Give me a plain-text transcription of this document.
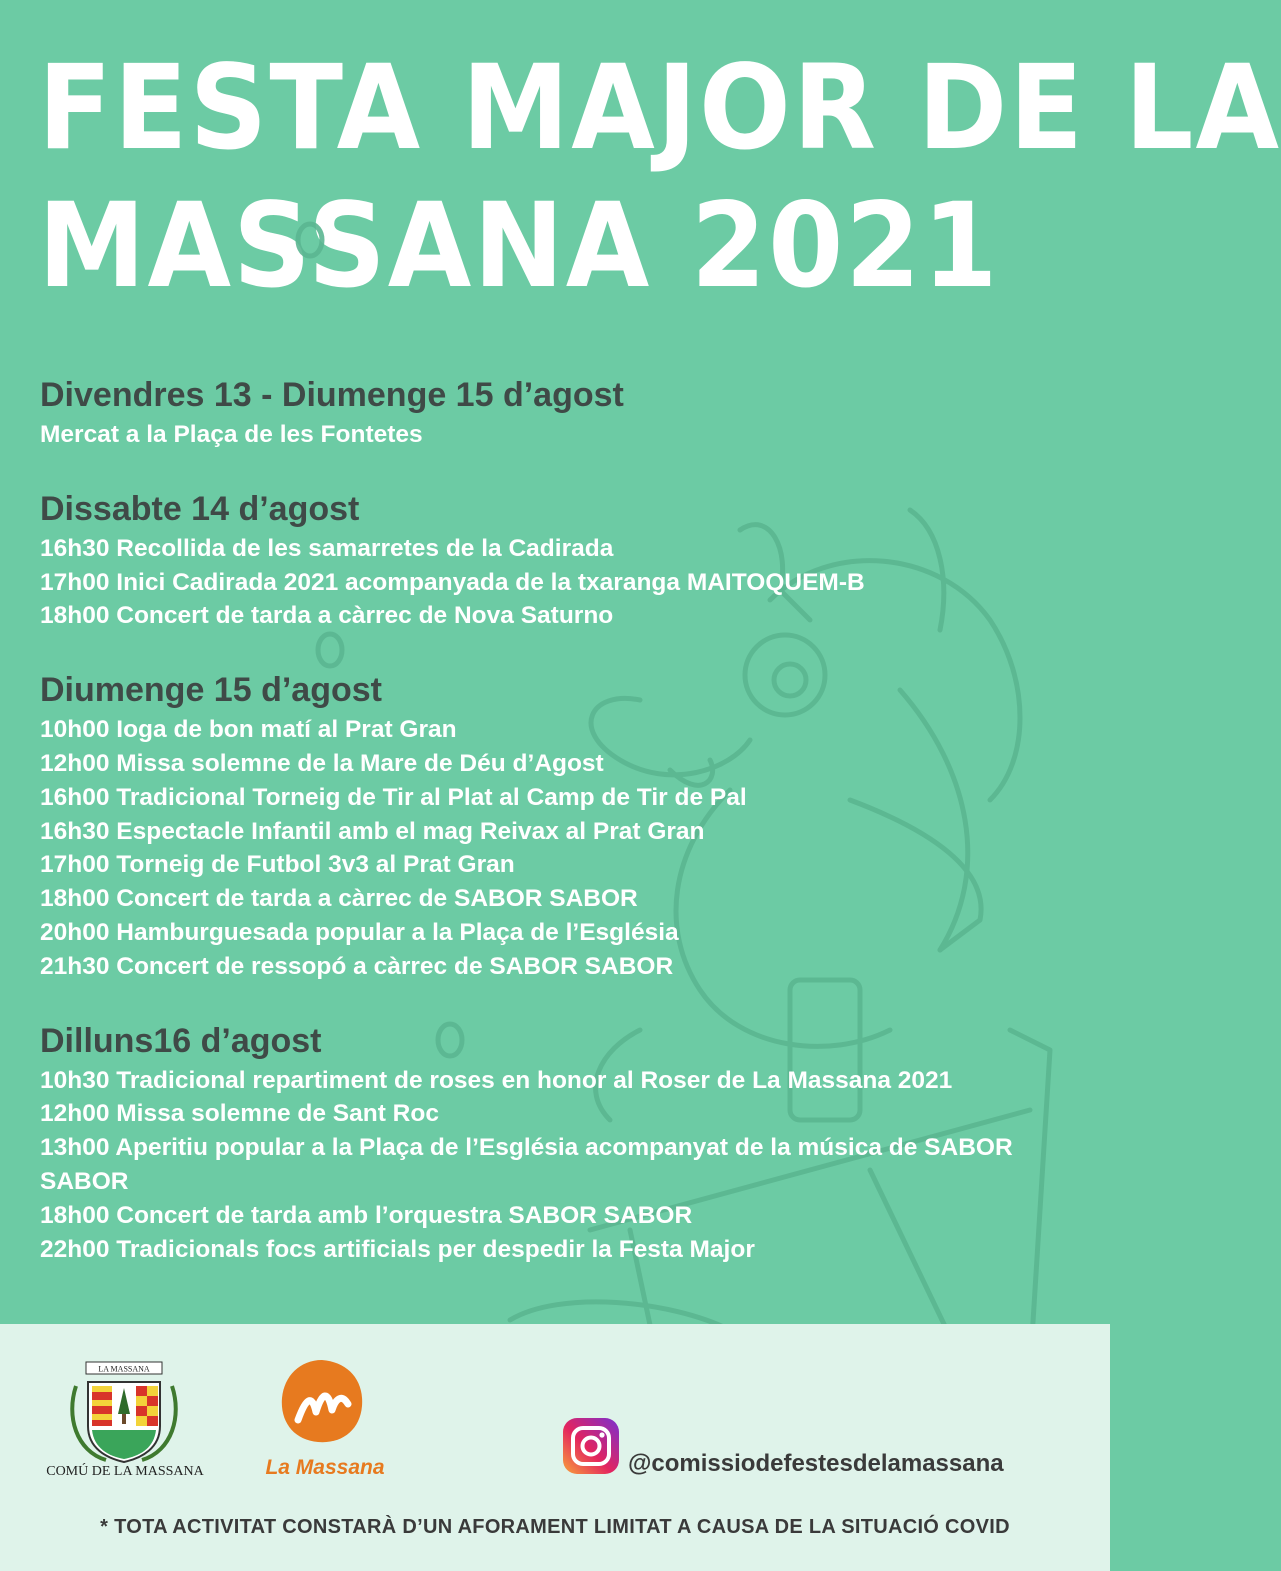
FESTA MAJOR DE LA
MASSANA 2021
Divendres 13 - Diumenge 15 d’agost

Mercat a la Plaça de les Fontetes

Dissabte 14 d’agost

16h30 Recollida de les samarretes de la Cadirada

17h00 Inici Cadirada 2021 acompanyada de la txaranga MAITOQUEM-B

18h00 Concert de tarda a càrrec de Nova Saturno

Diumenge 15 d’agost

10h00 Ioga de bon matí al Prat Gran

12h00 Missa solemne de la Mare de Déu d’Agost

16h00 Tradicional Torneig de Tir al Plat al Camp de Tir de Pal

16h30 Espectacle Infantil amb el mag Reivax al Prat Gran

17h00 Torneig de Futbol 3v3 al Prat Gran

18h00 Concert de tarda a càrrec de SABOR SABOR

20h00 Hamburguesada popular a la Plaça de l’Església

21h30 Concert de ressopó a càrrec de SABOR SABOR

Dilluns16 d’agost

10h30 Tradicional repartiment de roses en honor al Roser de La Massana 2021

12h00 Missa solemne de Sant Roc

13h00 Aperitiu popular a la Plaça de l’Església acompanyat de la música de SABOR SABOR

18h00 Concert de tarda amb l’orquestra SABOR SABOR

22h00 Tradicionals focs artificials per despedir la Festa Major

LA MASSANA
COMÚ DE LA MASSANA	La Massana	@comissiodefestesdelamassana
* TOTA ACTIVITAT CONSTARÀ D’UN AFORAMENT LIMITAT A CAUSA DE LA SITUACIÓ COVID
